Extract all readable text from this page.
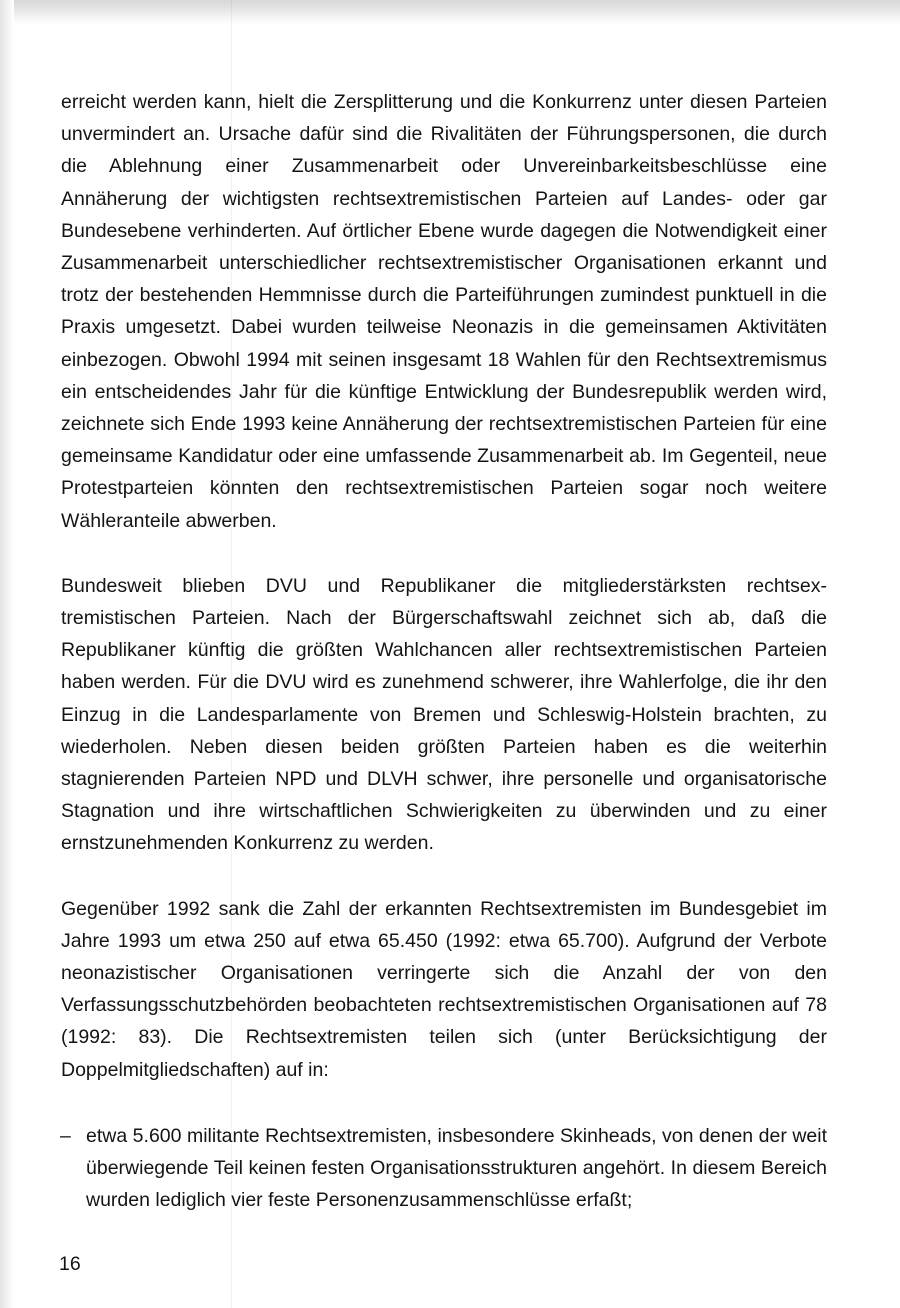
erreicht werden kann, hielt die Zersplitterung und die Konkurrenz unter diesen Parteien unvermindert an. Ursache dafür sind die Rivalitäten der Führungspersonen, die durch die Ablehnung einer Zusammenarbeit oder Unvereinbarkeitsbeschlüsse eine Annäherung der wichtigsten rechtsextremistischen Parteien auf Landes- oder gar Bundesebene verhinderten. Auf örtlicher Ebene wurde dagegen die Notwendigkeit einer Zusammenarbeit unterschiedlicher rechtsextremistischer Organisationen erkannt und trotz der bestehenden Hemmnisse durch die Parteiführungen zumindest punktuell in die Praxis umgesetzt. Dabei wurden teilweise Neonazis in die gemeinsamen Aktivitäten einbezogen. Obwohl 1994 mit seinen insgesamt 18 Wahlen für den Rechtsextremismus ein entscheidendes Jahr für die künftige Entwicklung der Bundesrepublik werden wird, zeichnete sich Ende 1993 keine Annäherung der rechtsextremistischen Parteien für eine gemeinsame Kandidatur oder eine umfassende Zusammenarbeit ab. Im Gegenteil, neue Protestparteien könnten den rechtsextremistischen Parteien sogar noch weitere Wähleranteile abwerben.

Bundesweit blieben DVU und Republikaner die mitgliederstärksten rechtsextremistischen Parteien. Nach der Bürgerschaftswahl zeichnet sich ab, daß die Republikaner künftig die größten Wahlchancen aller rechtsextremistischen Parteien haben werden. Für die DVU wird es zunehmend schwerer, ihre Wahlerfolge, die ihr den Einzug in die Landesparlamente von Bremen und Schleswig-Holstein brachten, zu wiederholen. Neben diesen beiden größten Parteien haben es die weiterhin stagnierenden Parteien NPD und DLVH schwer, ihre personelle und organisatorische Stagnation und ihre wirtschaftlichen Schwierigkeiten zu überwinden und zu einer ernstzunehmenden Konkurrenz zu werden.

Gegenüber 1992 sank die Zahl der erkannten Rechtsextremisten im Bundesgebiet im Jahre 1993 um etwa 250 auf etwa 65.450 (1992: etwa 65.700). Aufgrund der Verbote neonazistischer Organisationen verringerte sich die Anzahl der von den Verfassungsschutzbehörden beobachteten rechtsextremistischen Organisationen auf 78 (1992: 83). Die Rechtsextremisten teilen sich (unter Berücksichtigung der Doppelmitgliedschaften) auf in:

– etwa 5.600 militante Rechtsextremisten, insbesondere Skinheads, von denen der weit überwiegende Teil keinen festen Organisationsstrukturen angehört. In diesem Bereich wurden lediglich vier feste Personenzusammenschlüsse erfaßt;
16
